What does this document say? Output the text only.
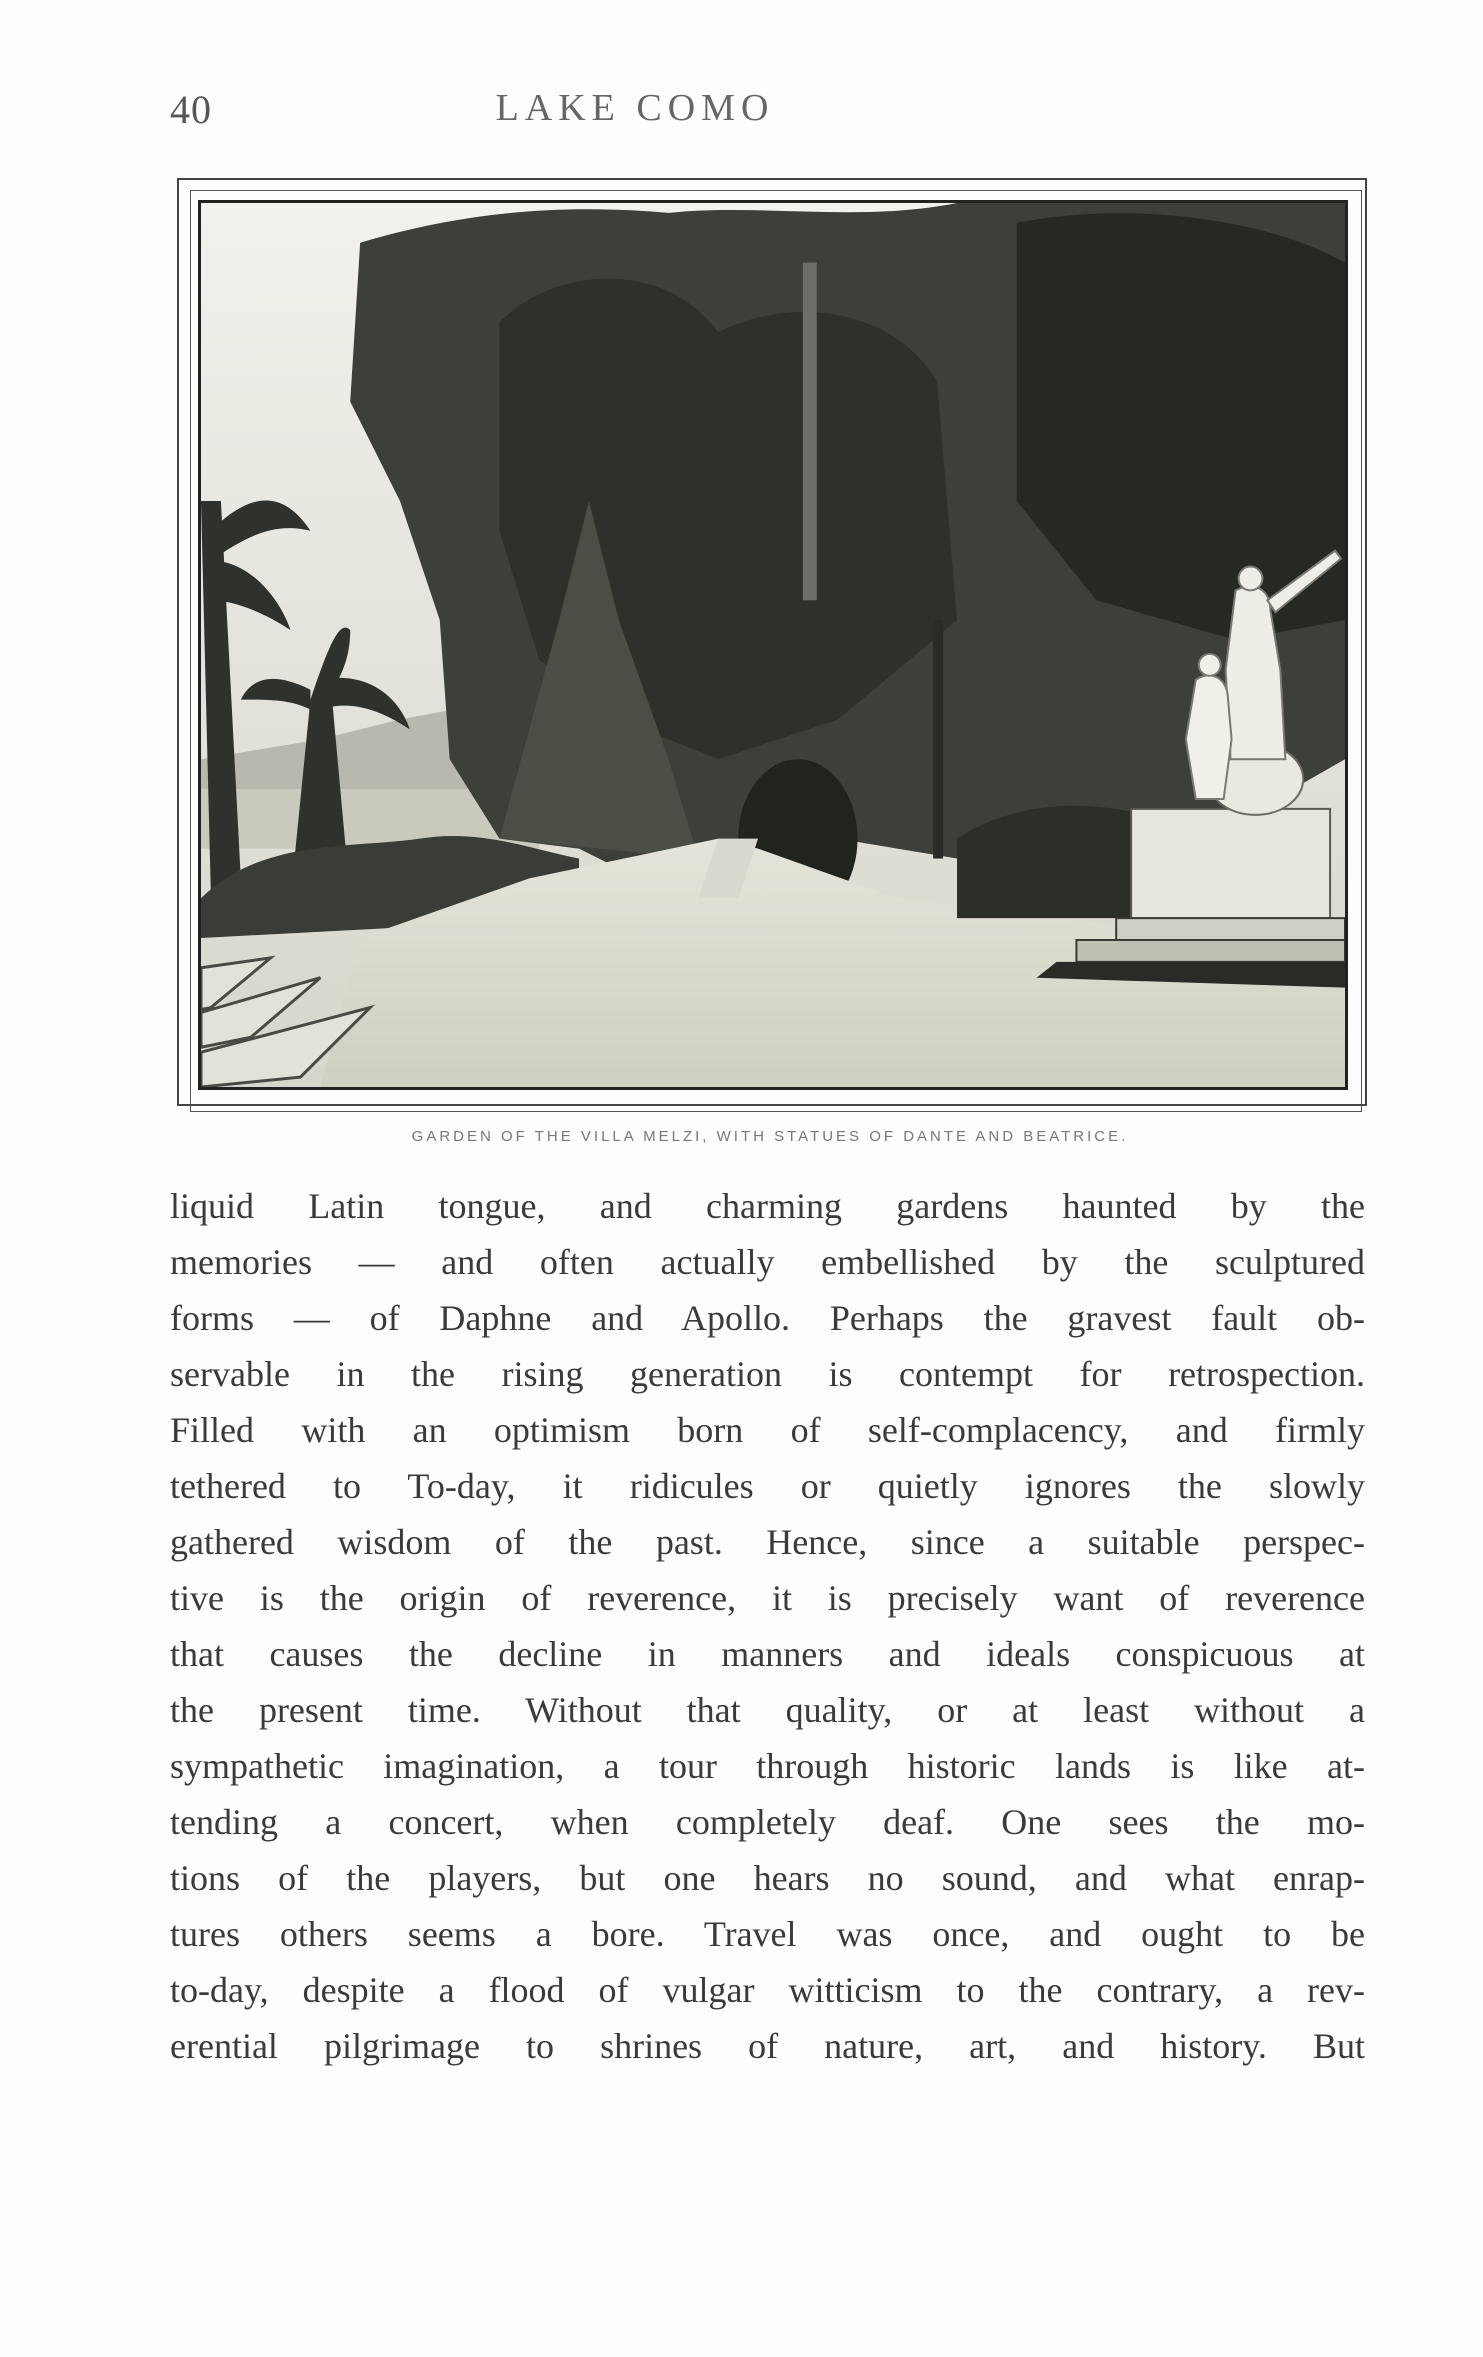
40	LAKE COMO
GARDEN OF THE VILLA MELZI, WITH STATUES OF DANTE AND BEATRICE.
liquid Latin tongue, and charming gardens haunted by the
memories — and often actually embellished by the sculptured
forms — of Daphne and Apollo. Perhaps the gravest fault ob-
servable in the rising generation is contempt for retrospection.
Filled with an optimism born of self-complacency, and firmly
tethered to To-day, it ridicules or quietly ignores the slowly
gathered wisdom of the past. Hence, since a suitable perspec-
tive is the origin of reverence, it is precisely want of reverence
that causes the decline in manners and ideals conspicuous at
the present time. Without that quality, or at least without a
sympathetic imagination, a tour through historic lands is like at-
tending a concert, when completely deaf. One sees the mo-
tions of the players, but one hears no sound, and what enrap-
tures others seems a bore. Travel was once, and ought to be
to-day, despite a flood of vulgar witticism to the contrary, a rev-
erential pilgrimage to shrines of nature, art, and history. But
